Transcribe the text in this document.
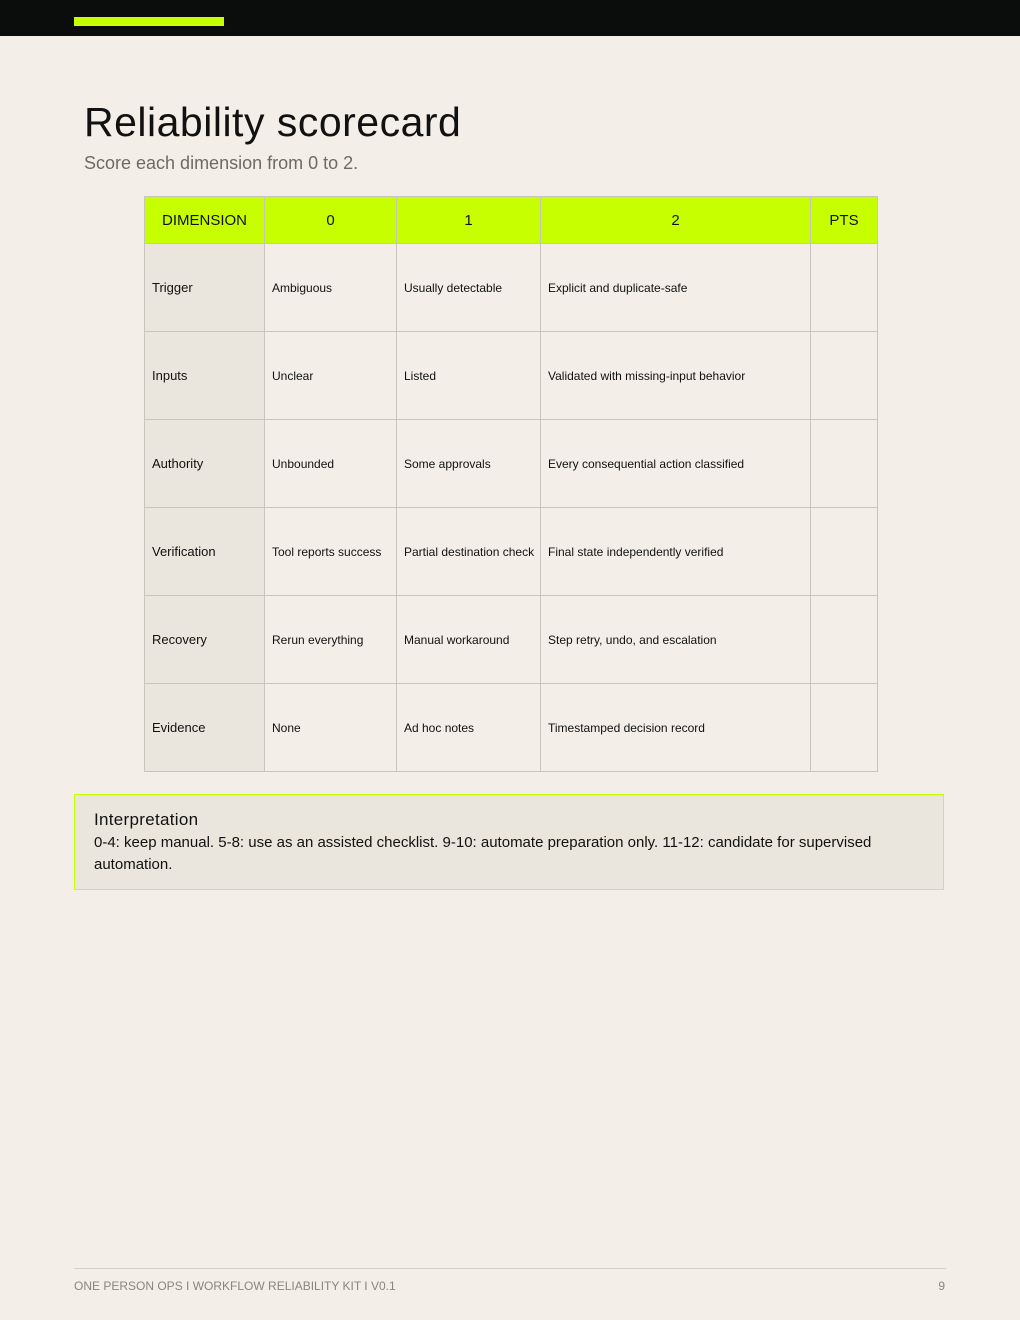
Reliability scorecard
Score each dimension from 0 to 2.
DIMENSION	0	1	2	PTS
Trigger	Ambiguous	Usually detectable	Explicit and duplicate-safe	
Inputs	Unclear	Listed	Validated with missing-input behavior	
Authority	Unbounded	Some approvals	Every consequential action classified	
Verification	Tool reports success	Partial destination check	Final state independently verified	
Recovery	Rerun everything	Manual workaround	Step retry, undo, and escalation	
Evidence	None	Ad hoc notes	Timestamped decision record	
Interpretation
0-4: keep manual. 5-8: use as an assisted checklist. 9-10: automate preparation only. 11-12: candidate for supervised automation.
ONE PERSON OPS I WORKFLOW RELIABILITY KIT I V0.1	9
